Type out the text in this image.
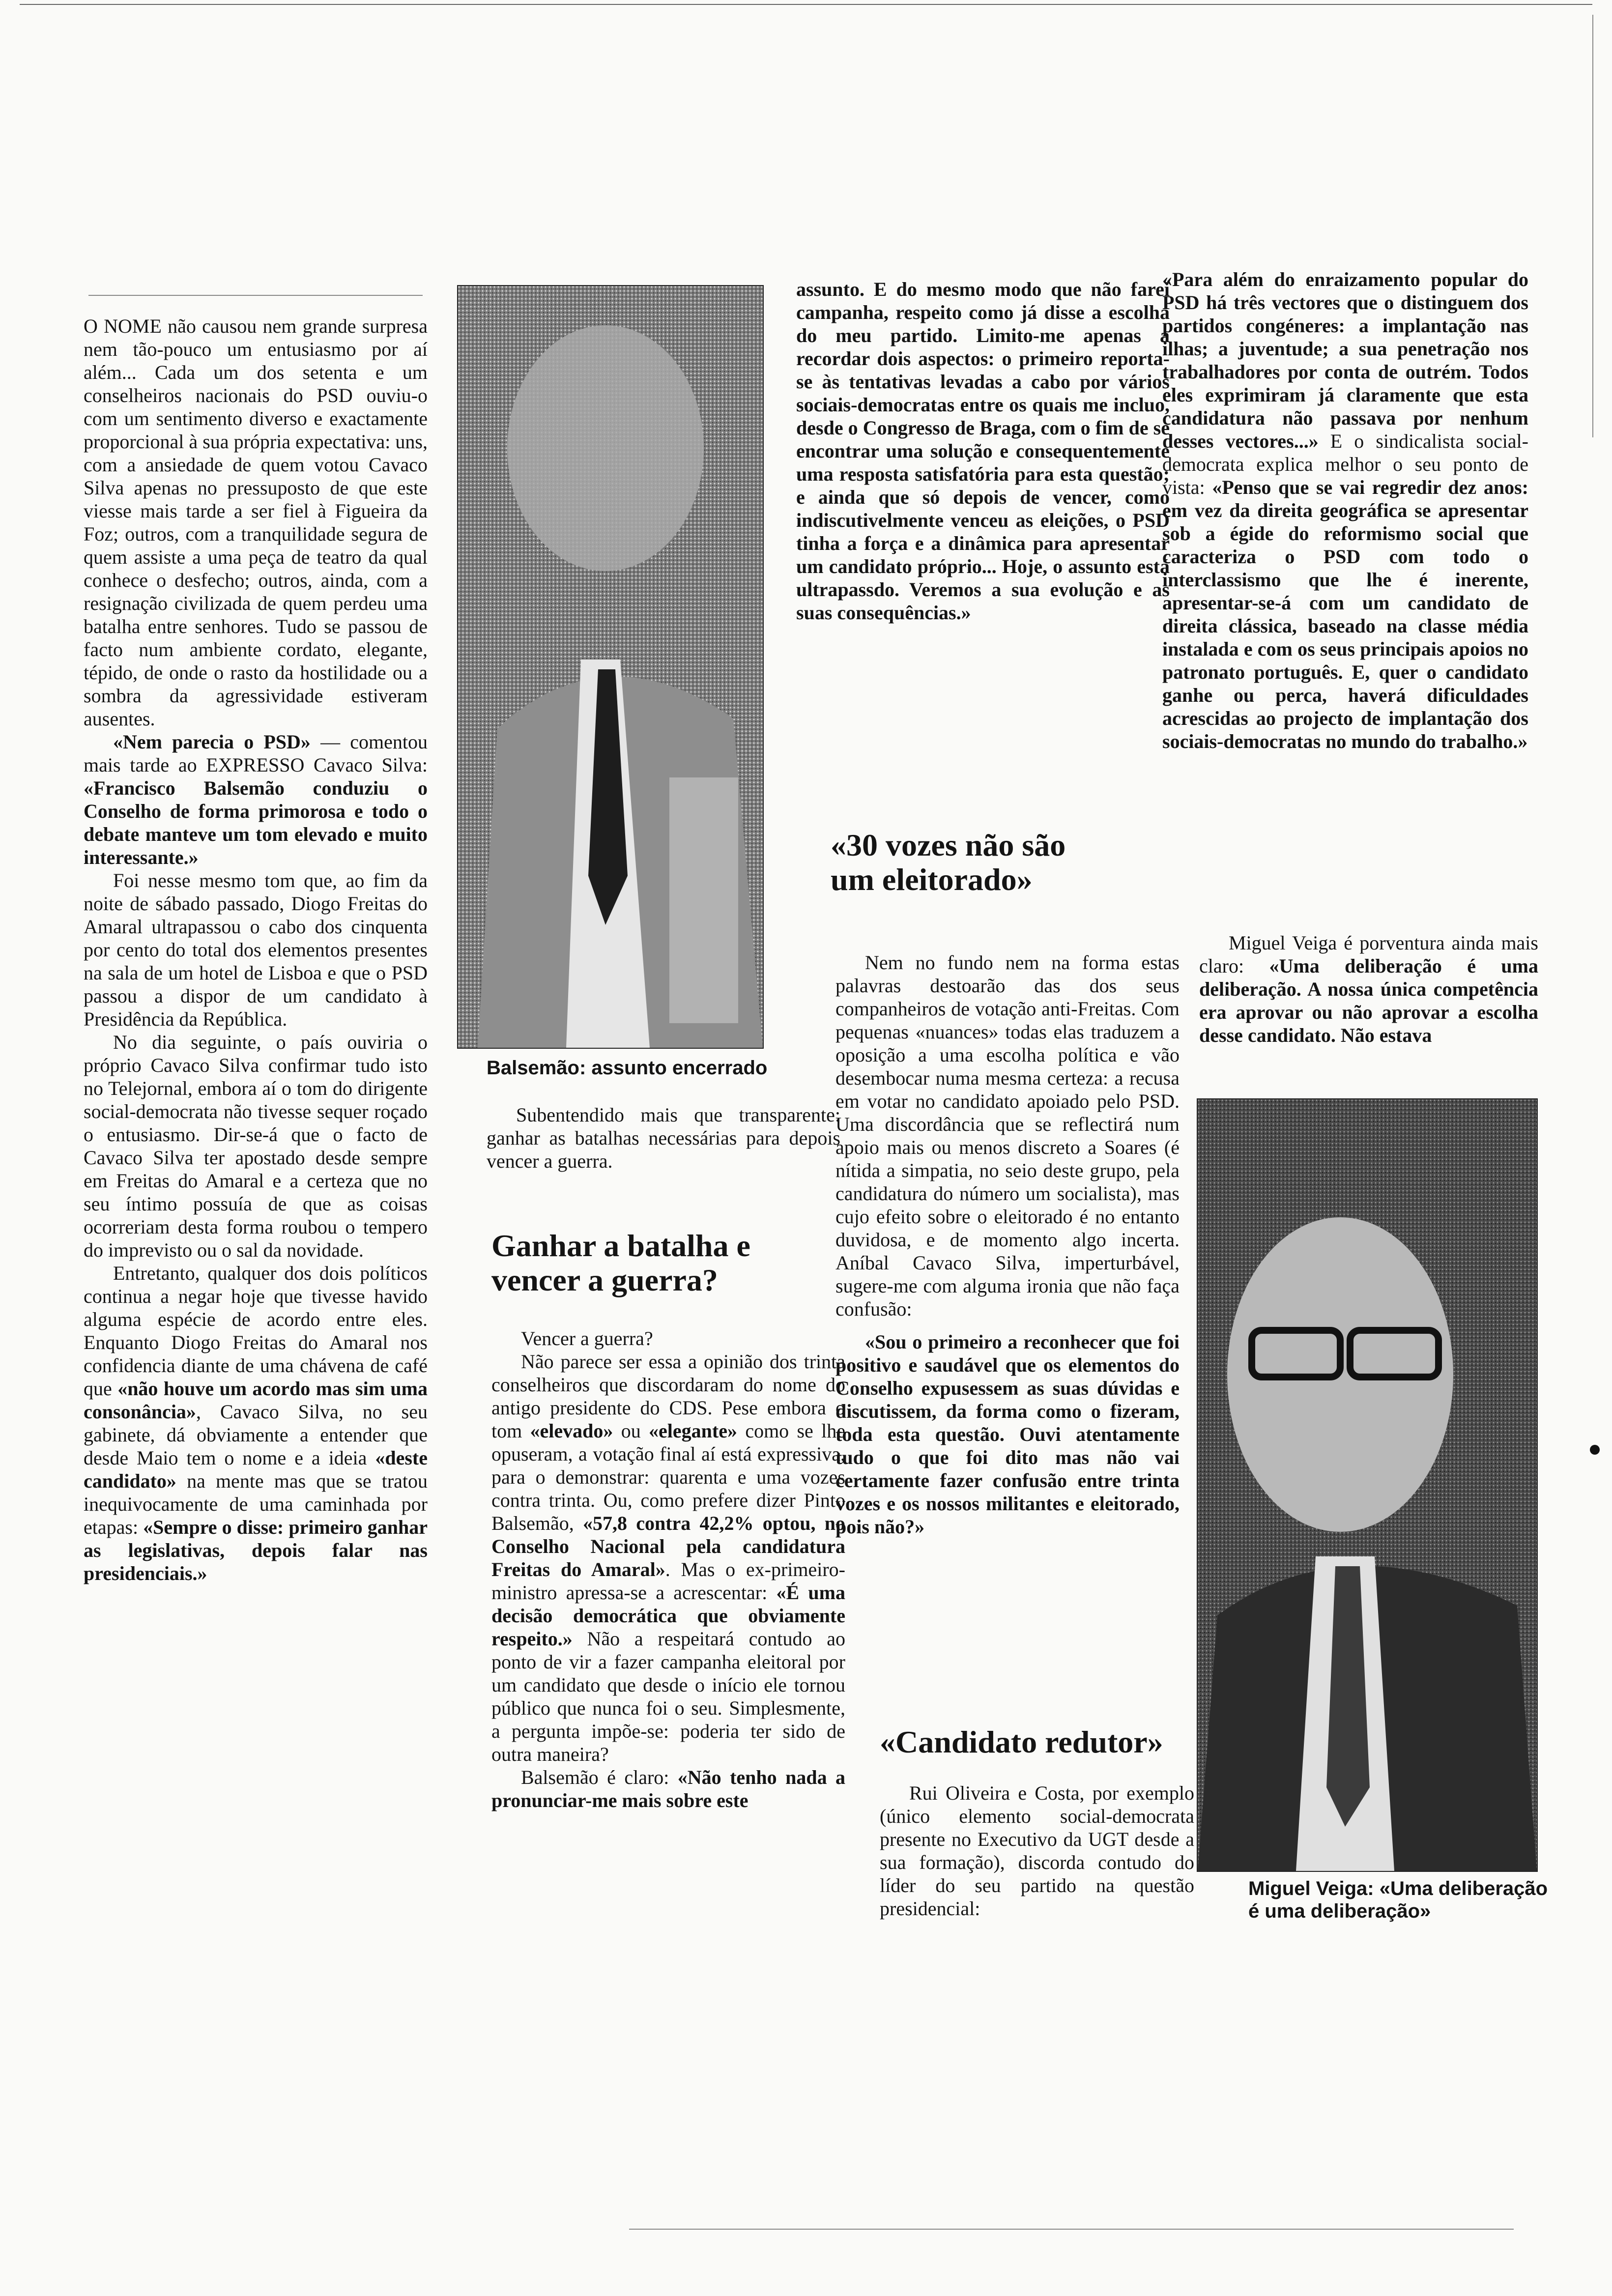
O NOME não causou nem grande surpresa nem tão-pouco um entusiasmo por aí além... Cada um dos setenta e um conselheiros nacionais do PSD ouviu-o com um sentimento diverso e exactamente proporcional à sua própria expectativa: uns, com a ansiedade de quem votou Cavaco Silva apenas no pressuposto de que este viesse mais tarde a ser fiel à Figueira da Foz; outros, com a tranquilidade segura de quem assiste a uma peça de teatro da qual conhece o desfecho; outros, ainda, com a resignação civilizada de quem perdeu uma batalha entre senhores. Tudo se passou de facto num ambiente cordato, elegante, tépido, de onde o rasto da hostilidade ou a sombra da agressividade estiveram ausentes.

«Nem parecia o PSD» — comentou mais tarde ao EXPRESSO Cavaco Silva: «Francisco Balsemão conduziu o Conselho de forma primorosa e todo o debate manteve um tom elevado e muito interessante.»

Foi nesse mesmo tom que, ao fim da noite de sábado passado, Diogo Freitas do Amaral ultrapassou o cabo dos cinquenta por cento do total dos elementos presentes na sala de um hotel de Lisboa e que o PSD passou a dispor de um candidato à Presidência da República.

No dia seguinte, o país ouviria o próprio Cavaco Silva confirmar tudo isto no Telejornal, embora aí o tom do dirigente social-democrata não tivesse sequer roçado o entusiasmo. Dir-se-á que o facto de Cavaco Silva ter apostado desde sempre em Freitas do Amaral e a certeza que no seu íntimo possuía de que as coisas ocorreriam desta forma roubou o tempero do imprevisto ou o sal da novidade.

Entretanto, qualquer dos dois políticos continua a negar hoje que tivesse havido alguma espécie de acordo entre eles. Enquanto Diogo Freitas do Amaral nos confidencia diante de uma chávena de café que «não houve um acordo mas sim uma consonância», Cavaco Silva, no seu gabinete, dá obviamente a entender que desde Maio tem o nome e a ideia «deste candidato» na mente mas que se tratou inequivocamente de uma caminhada por etapas: «Sempre o disse: primeiro ganhar as legislativas, depois falar nas presidenciais.»

Balsemão: assunto encerrado

Subentendido mais que transparente: ganhar as batalhas necessárias para depois vencer a guerra.

Ganhar a batalha e vencer a guerra?

Vencer a guerra?

Não parece ser essa a opinião dos trinta conselheiros que discordaram do nome do antigo presidente do CDS. Pese embora o tom «elevado» ou «elegante» como se lhe opuseram, a votação final aí está expressiva, para o demonstrar: quarenta e uma vozes contra trinta. Ou, como prefere dizer Pinto Balsemão, «57,8 contra 42,2% optou, no Conselho Nacional pela candidatura Freitas do Amaral». Mas o ex-primeiro-ministro apressa-se a acrescentar: «É uma decisão democrática que obviamente respeito.» Não a respeitará contudo ao ponto de vir a fazer campanha eleitoral por um candidato que desde o início ele tornou público que nunca foi o seu. Simplesmente, a pergunta impõe-se: poderia ter sido de outra maneira?

Balsemão é claro: «Não tenho nada a pronunciar-me mais sobre este

assunto. E do mesmo modo que não farei campanha, respeito como já disse a escolha do meu partido. Limito-me apenas a recordar dois aspectos: o primeiro reporta-se às tentativas levadas a cabo por vários sociais-democratas entre os quais me incluo, desde o Congresso de Braga, com o fim de se encontrar uma solução e consequentemente uma resposta satisfatória para esta questão; e ainda que só depois de vencer, como indiscutivelmente venceu as eleições, o PSD tinha a força e a dinâmica para apresentar um candidato próprio... Hoje, o assunto está ultrapassdo. Veremos a sua evolução e as suas consequências.»

«30 vozes não são um eleitorado»

Nem no fundo nem na forma estas palavras destoarão das dos seus companheiros de votação anti-Freitas. Com pequenas «nuances» todas elas traduzem a oposição a uma escolha política e vão desembocar numa mesma certeza: a recusa em votar no candidato apoiado pelo PSD. Uma discordância que se reflectirá num apoio mais ou menos discreto a Soares (é nítida a simpatia, no seio deste grupo, pela candidatura do número um socialista), mas cujo efeito sobre o eleitorado é no entanto duvidosa, e de momento algo incerta. Aníbal Cavaco Silva, imperturbável, sugere-me com alguma ironia que não faça confusão:

«Sou o primeiro a reconhecer que foi positivo e saudável que os elementos do Conselho expusessem as suas dúvidas e discutissem, da forma como o fizeram, toda esta questão. Ouvi atentamente tudo o que foi dito mas não vai certamente fazer confusão entre trinta vozes e os nossos militantes e eleitorado, pois não?»

«Candidato redutor»

Rui Oliveira e Costa, por exemplo (único elemento social-democrata presente no Executivo da UGT desde a sua formação), discorda contudo do líder do seu partido na questão presidencial:

«Para além do enraizamento popular do PSD há três vectores que o distinguem dos partidos congéneres: a implantação nas ilhas; a juventude; a sua penetração nos trabalhadores por conta de outrém. Todos eles exprimiram já claramente que esta candidatura não passava por nenhum desses vectores...» E o sindicalista social-democrata explica melhor o seu ponto de vista: «Penso que se vai regredir dez anos: em vez da direita geográfica se apresentar sob a égide do reformismo social que caracteriza o PSD com todo o interclassismo que lhe é inerente, apresentar-se-á com um candidato de direita clássica, baseado na classe média instalada e com os seus principais apoios no patronato português. E, quer o candidato ganhe ou perca, haverá dificuldades acrescidas ao projecto de implantação dos sociais-democratas no mundo do trabalho.»

Miguel Veiga é porventura ainda mais claro: «Uma deliberação é uma deliberação. A nossa única competência era aprovar ou não aprovar a escolha desse candidato. Não estava

Miguel Veiga: «Uma deliberação é uma deliberação»
